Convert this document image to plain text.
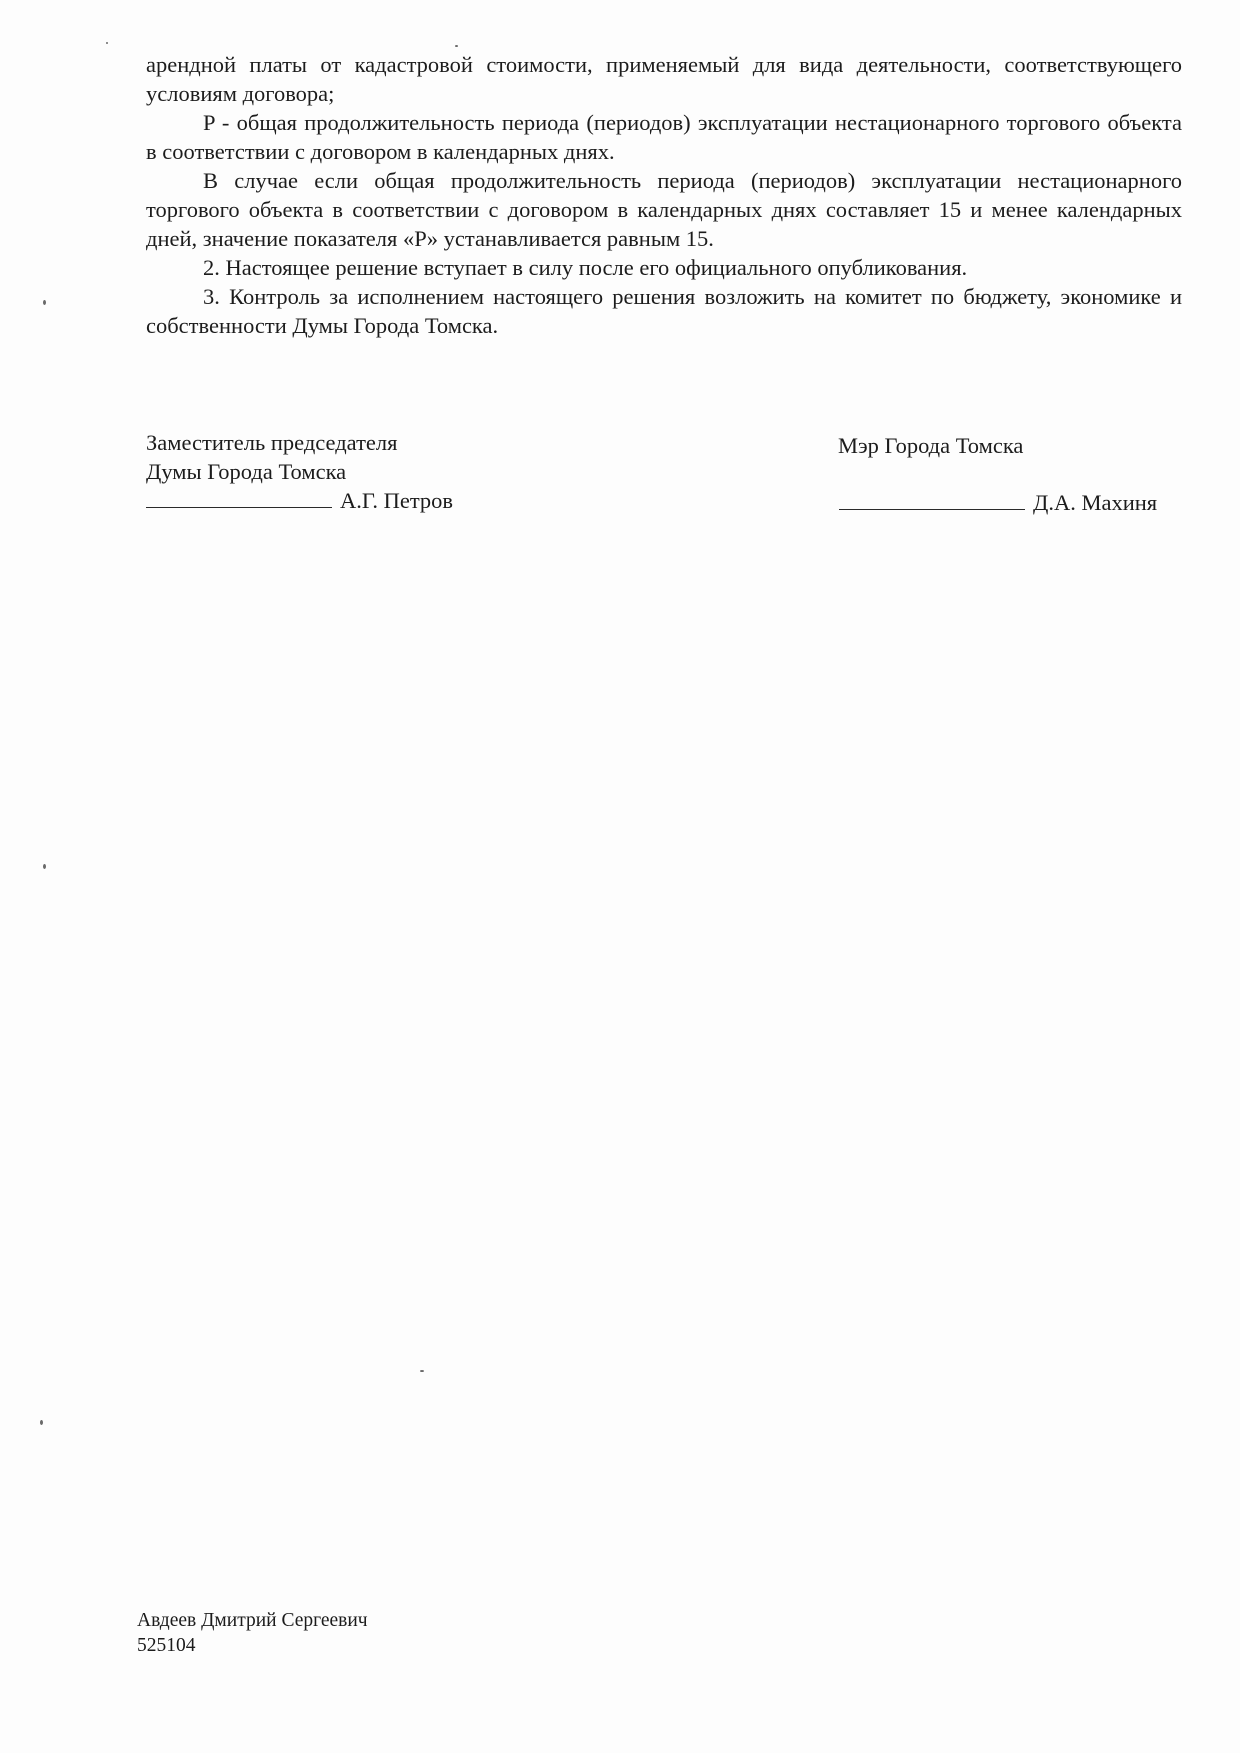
арендной платы от кадастровой стоимости, применяемый для вида деятельности, соответствующего условиям договора;

P - общая продолжительность периода (периодов) эксплуатации нестационарного торгового объекта в соответствии с договором в календарных днях.

В случае если общая продолжительность периода (периодов) эксплуатации нестационарного торгового объекта в соответствии с договором в календарных днях составляет 15 и менее календарных дней, значение показателя «P» устанавливается равным 15.

2. Настоящее решение вступает в силу после его официального опубликования.

3. Контроль за исполнением настоящего решения возложить на комитет по бюджету, экономике и собственности Думы Города Томска.

Заместитель председателя
Думы Города Томска
А.Г. Петров
Мэр Города Томска
Д.А. Махиня
Авдеев Дмитрий Сергеевич
525104
